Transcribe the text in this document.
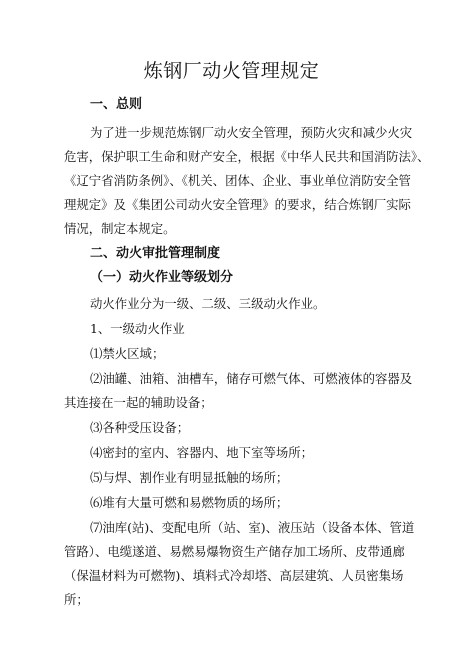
炼钢厂动火管理规定
一、总则
为了进一步规范炼钢厂动火安全管理，预防火灾和减少火灾
危害，保护职工生命和财产安全，根据《中华人民共和国消防法》、
《辽宁省消防条例》、《机关、团体、企业、事业单位消防安全管
理规定》及《集团公司动火安全管理》的要求，结合炼钢厂实际
情况，制定本规定。
二、动火审批管理制度
（一）动火作业等级划分
动火作业分为一级、二级、三级动火作业。
1、一级动火作业
⑴禁火区域；
⑵油罐、油箱、油槽车，储存可燃气体、可燃液体的容器及
其连接在一起的辅助设备；
⑶各种受压设备；
⑷密封的室内、容器内、地下室等场所；
⑸与焊、割作业有明显抵触的场所；
⑹堆有大量可燃和易燃物质的场所；
⑺油库(站)、变配电所（站、室)、液压站（设备本体、管道
管路）、电缆遂道、易燃易爆物资生产储存加工场所、皮带通廊
（保温材料为可燃物)、填料式冷却塔、高层建筑、人员密集场
所；
